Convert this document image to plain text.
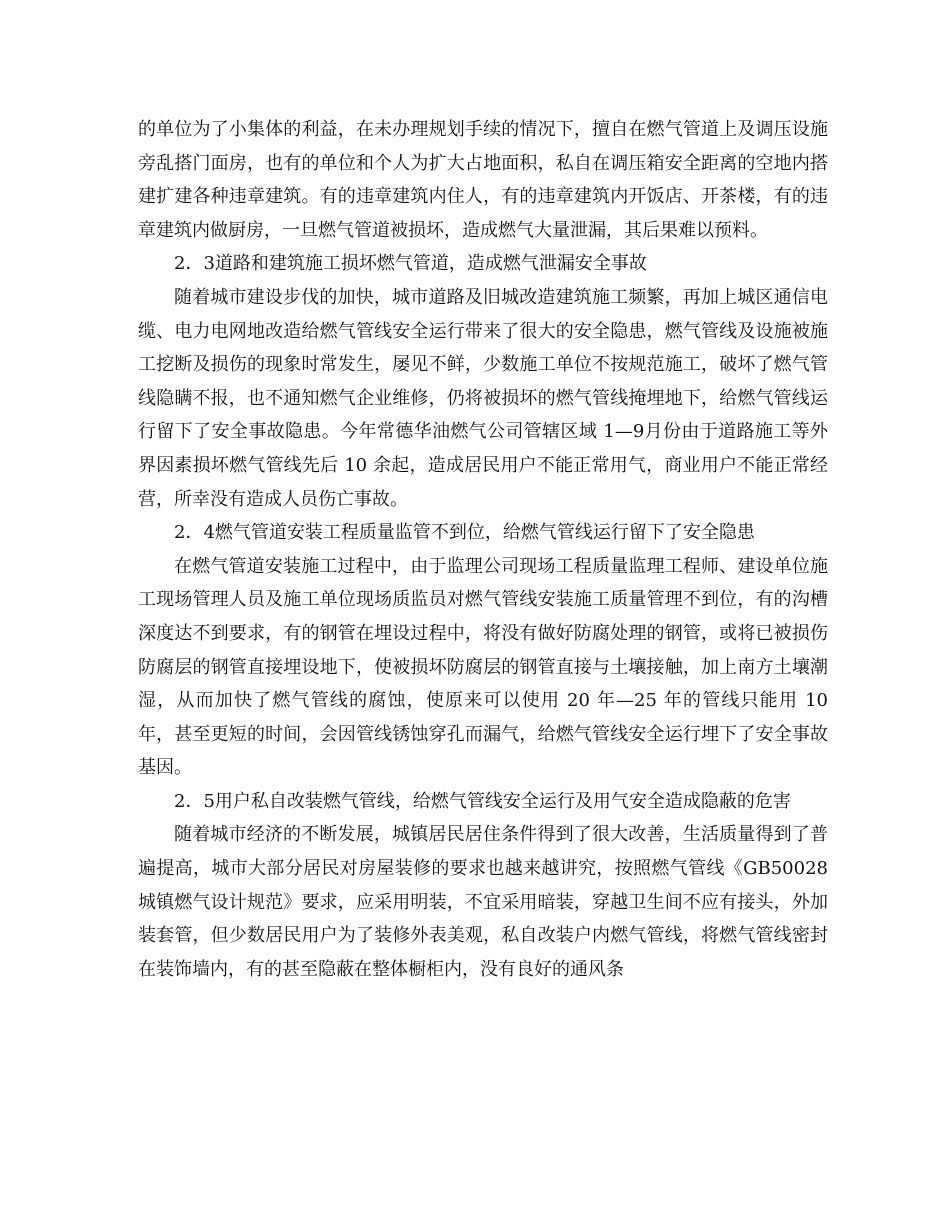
的单位为了小集体的利益，在未办理规划手续的情况下，擅自在燃气管道上及调压设施旁乱搭门面房，也有的单位和个人为扩大占地面积，私自在调压箱安全距离的空地内搭建扩建各种违章建筑。有的违章建筑内住人，有的违章建筑内开饭店、开茶楼，有的违章建筑内做厨房，一旦燃气管道被损坏，造成燃气大量泄漏，其后果难以预料。

2．3道路和建筑施工损坏燃气管道，造成燃气泄漏安全事故

随着城市建设步伐的加快，城市道路及旧城改造建筑施工频繁，再加上城区通信电缆、电力电网地改造给燃气管线安全运行带来了很大的安全隐患，燃气管线及设施被施工挖断及损伤的现象时常发生，屡见不鲜，少数施工单位不按规范施工，破坏了燃气管线隐瞒不报，也不通知燃气企业维修，仍将被损坏的燃气管线掩埋地下，给燃气管线运行留下了安全事故隐患。今年常德华油燃气公司管辖区域 1—9月份由于道路施工等外界因素损坏燃气管线先后 10 余起，造成居民用户不能正常用气，商业用户不能正常经营，所幸没有造成人员伤亡事故。

2．4燃气管道安装工程质量监管不到位，给燃气管线运行留下了安全隐患

在燃气管道安装施工过程中，由于监理公司现场工程质量监理工程师、建设单位施工现场管理人员及施工单位现场质监员对燃气管线安装施工质量管理不到位，有的沟槽深度达不到要求，有的钢管在埋设过程中，将没有做好防腐处理的钢管，或将已被损伤防腐层的钢管直接埋设地下，使被损坏防腐层的钢管直接与土壤接触，加上南方土壤潮湿，从而加快了燃气管线的腐蚀，使原来可以使用 20 年—25 年的管线只能用 10 年，甚至更短的时间，会因管线锈蚀穿孔而漏气，给燃气管线安全运行埋下了安全事故基因。

2．5用户私自改装燃气管线，给燃气管线安全运行及用气安全造成隐蔽的危害

随着城市经济的不断发展，城镇居民居住条件得到了很大改善，生活质量得到了普遍提高，城市大部分居民对房屋装修的要求也越来越讲究，按照燃气管线《GB50028 城镇燃气设计规范》要求，应采用明装，不宜采用暗装，穿越卫生间不应有接头，外加装套管，但少数居民用户为了装修外表美观，私自改装户内燃气管线，将燃气管线密封在装饰墙内，有的甚至隐蔽在整体橱柜内，没有良好的通风条
